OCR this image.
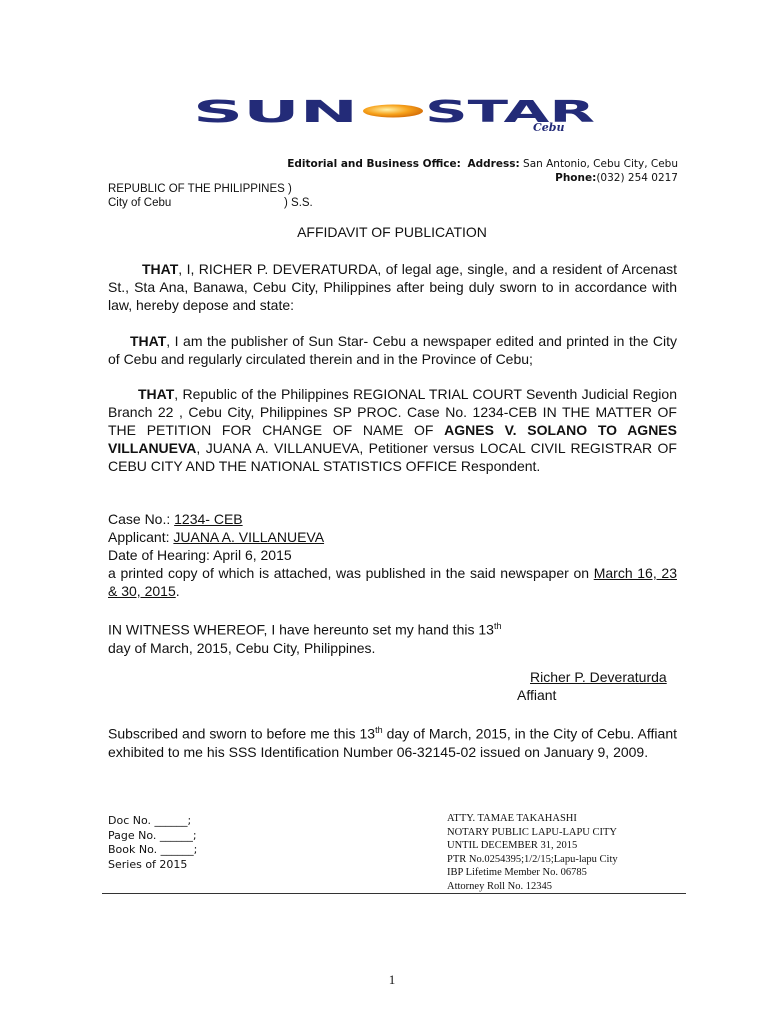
SUN STAR
Cebu
Editorial and Business Office: Address: San Antonio, Cebu City, Cebu
Phone:(032) 254 0217
REPUBLIC OF THE PHILIPPINES )
City of Cebu	) S.S.
AFFIDAVIT OF PUBLICATION
THAT, I, RICHER P. DEVERATURDA, of legal age, single, and a resident of Arcenast St., Sta Ana, Banawa, Cebu City, Philippines after being duly sworn to in accordance with law, hereby depose and state:
THAT, I am the publisher of Sun Star- Cebu a newspaper edited and printed in the City of Cebu and regularly circulated therein and in the Province of Cebu;
THAT, Republic of the Philippines REGIONAL TRIAL COURT Seventh Judicial Region Branch 22 , Cebu City, Philippines SP PROC. Case No. 1234-CEB IN THE MATTER OF THE PETITION FOR CHANGE OF NAME OF AGNES V. SOLANO TO AGNES VILLANUEVA, JUANA A. VILLANUEVA, Petitioner versus LOCAL CIVIL REGISTRAR OF CEBU CITY AND THE NATIONAL STATISTICS OFFICE Respondent.
Case No.: 1234- CEB
Applicant: JUANA A. VILLANUEVA
Date of Hearing: April 6, 2015
a printed copy of which is attached, was published in the said newspaper on March 16, 23 & 30, 2015.
IN WITNESS WHEREOF, I have hereunto set my hand this 13th
day of March, 2015, Cebu City, Philippines.
Richer P. Deveraturda
Affiant
Subscribed and sworn to before me this 13th day of March, 2015, in the City of Cebu. Affiant exhibited to me his SSS Identification Number 06-32145-02 issued on January 9, 2009.
Doc No. ______;
Page No. ______;
Book No. ______;
Series of 2015
ATTY. TAMAE TAKAHASHI
NOTARY PUBLIC LAPU-LAPU CITY
UNTIL DECEMBER 31, 2015
PTR No.0254395;1/2/15;Lapu-lapu City
IBP Lifetime Member No. 06785
Attorney Roll No. 12345
1
